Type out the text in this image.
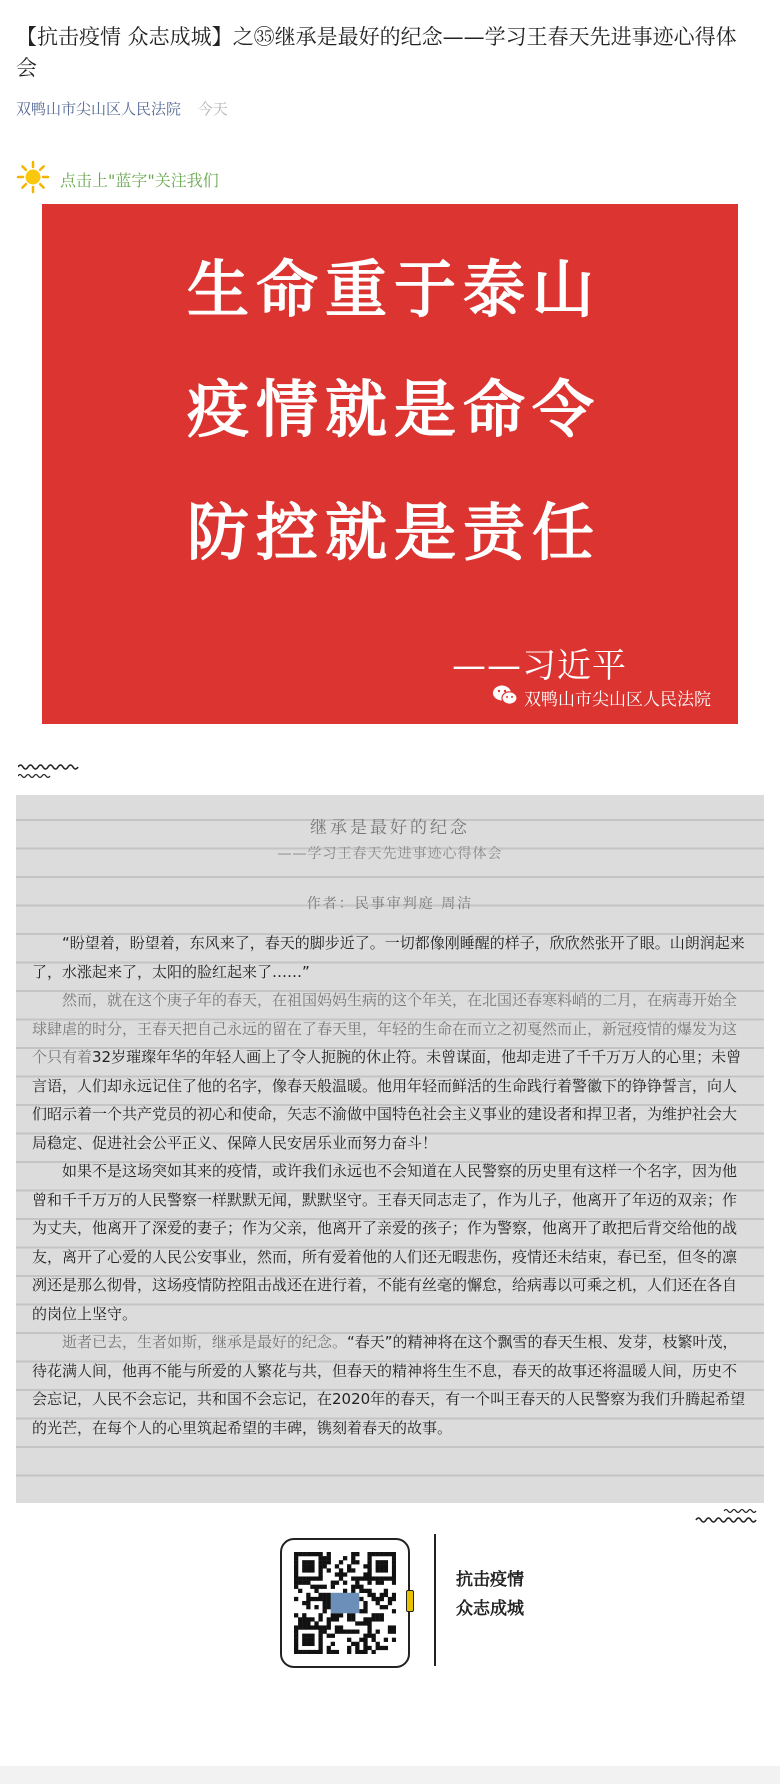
【抗击疫情 众志成城】之㉟继承是最好的纪念——学习王春天先进事迹心得体会
双鸭山市尖山区人民法院 今天
点击上"蓝字"关注我们
生命重于泰山
疫情就是命令
防控就是责任
——习近平
双鸭山市尖山区人民法院
继承是最好的纪念
——学习王春天先进事迹心得体会
作者：民事审判庭 周洁

“盼望着，盼望着，东风来了，春天的脚步近了。一切都像刚睡醒的样子，欣欣然张开了眼。山朗润起来了，水涨起来了，太阳的脸红起来了……”

然而，就在这个庚子年的春天，在祖国妈妈生病的这个年关，在北国还春寒料峭的二月，在病毒开始全球肆虐的时分，王春天把自己永远的留在了春天里，年轻的生命在而立之初戛然而止，新冠疫情的爆发为这个只有着32岁璀璨年华的年轻人画上了令人扼腕的休止符。未曾谋面，他却走进了千千万万人的心里；未曾言语，人们却永远记住了他的名字，像春天般温暖。他用年轻而鲜活的生命践行着警徽下的铮铮誓言，向人们昭示着一个共产党员的初心和使命，矢志不渝做中国特色社会主义事业的建设者和捍卫者，为维护社会大局稳定、促进社会公平正义、保障人民安居乐业而努力奋斗！

如果不是这场突如其来的疫情，或许我们永远也不会知道在人民警察的历史里有这样一个名字，因为他曾和千千万万的人民警察一样默默无闻，默默坚守。王春天同志走了，作为儿子，他离开了年迈的双亲；作为丈夫，他离开了深爱的妻子；作为父亲，他离开了亲爱的孩子；作为警察，他离开了敢把后背交给他的战友，离开了心爱的人民公安事业，然而，所有爱着他的人们还无暇悲伤，疫情还未结束，春已至，但冬的凛冽还是那么彻骨，这场疫情防控阻击战还在进行着，不能有丝毫的懈怠，给病毒以可乘之机，人们还在各自的岗位上坚守。

逝者已去，生者如斯，继承是最好的纪念。“春天”的精神将在这个飘雪的春天生根、发芽，枝繁叶茂，待花满人间，他再不能与所爱的人繁花与共，但春天的精神将生生不息，春天的故事还将温暖人间，历史不会忘记，人民不会忘记，共和国不会忘记，在2020年的春天，有一个叫王春天的人民警察为我们升腾起希望的光芒，在每个人的心里筑起希望的丰碑，镌刻着春天的故事。

抗击疫情
众志成城
